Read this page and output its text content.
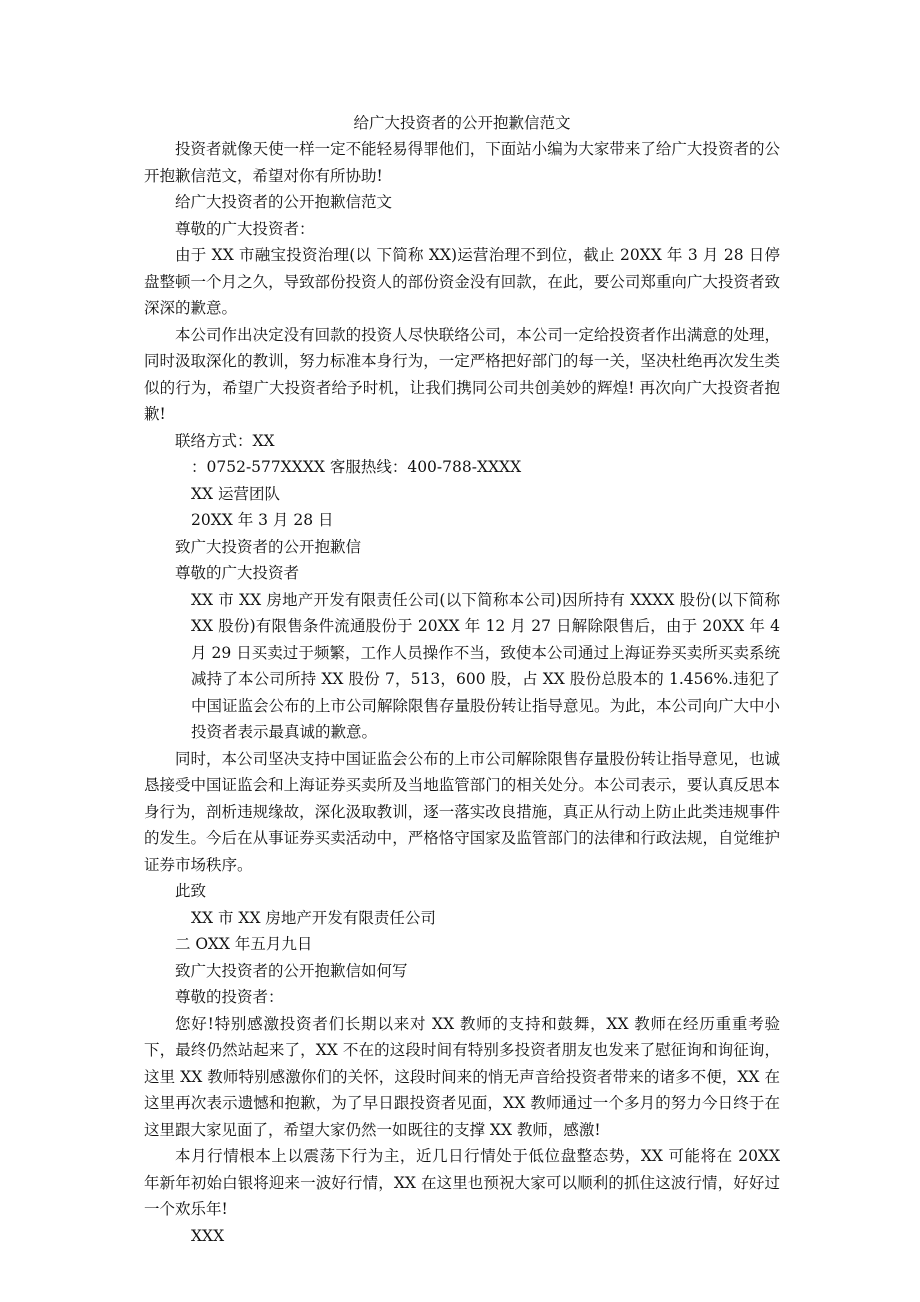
给广大投资者的公开抱歉信范文

投资者就像天使一样一定不能轻易得罪他们，下面站小编为大家带来了给广大投资者的公开抱歉信范文，希望对你有所协助!

给广大投资者的公开抱歉信范文

尊敬的广大投资者：

由于 XX 市融宝投资治理(以 下简称 XX)运营治理不到位，截止 20XX 年 3 月 28 日停盘整顿一个月之久，导致部份投资人的部份资金没有回款，在此，要公司郑重向广大投资者致深深的歉意。

本公司作出决定没有回款的投资人尽快联络公司，本公司一定给投资者作出满意的处理，同时汲取深化的教训，努力标准本身行为，一定严格把好部门的每一关，坚决杜绝再次发生类似的行为，希望广大投资者给予时机，让我们携同公司共创美妙的辉煌! 再次向广大投资者抱歉!

联络方式：XX

：0752-577XXXX 客服热线：400-788-XXXX

XX 运营团队

20XX 年 3 月 28 日

致广大投资者的公开抱歉信

尊敬的广大投资者

XX 市 XX 房地产开发有限责任公司(以下简称本公司)因所持有 XXXX 股份(以下简称 XX 股份)有限售条件流通股份于 20XX 年 12 月 27 日解除限售后，由于 20XX 年 4 月 29 日买卖过于频繁，工作人员操作不当，致使本公司通过上海证券买卖所买卖系统减持了本公司所持 XX 股份 7，513，600 股，占 XX 股份总股本的 1.456%.违犯了中国证监会公布的上市公司解除限售存量股份转让指导意见。为此，本公司向广大中小投资者表示最真诚的歉意。

同时，本公司坚决支持中国证监会公布的上市公司解除限售存量股份转让指导意见，也诚恳接受中国证监会和上海证券买卖所及当地监管部门的相关处分。本公司表示，要认真反思本身行为，剖析违规缘故，深化汲取教训，逐一落实改良措施，真正从行动上防止此类违规事件的发生。今后在从事证券买卖活动中，严格恪守国家及监管部门的法律和行政法规，自觉维护证券市场秩序。

此致

XX 市 XX 房地产开发有限责任公司

二 OXX 年五月九日

致广大投资者的公开抱歉信如何写

尊敬的投资者：

您好!特别感激投资者们长期以来对 XX 教师的支持和鼓舞，XX 教师在经历重重考验下，最终仍然站起来了，XX 不在的这段时间有特别多投资者朋友也发来了慰征询和询征询，这里 XX 教师特别感激你们的关怀，这段时间来的悄无声音给投资者带来的诸多不便，XX 在这里再次表示遗憾和抱歉，为了早日跟投资者见面，XX 教师通过一个多月的努力今日终于在这里跟大家见面了，希望大家仍然一如既往的支撑 XX 教师，感激!

本月行情根本上以震荡下行为主，近几日行情处于低位盘整态势，XX 可能将在 20XX 年新年初始白银将迎来一波好行情，XX 在这里也预祝大家可以顺利的抓住这波行情，好好过一个欢乐年!

XXX
